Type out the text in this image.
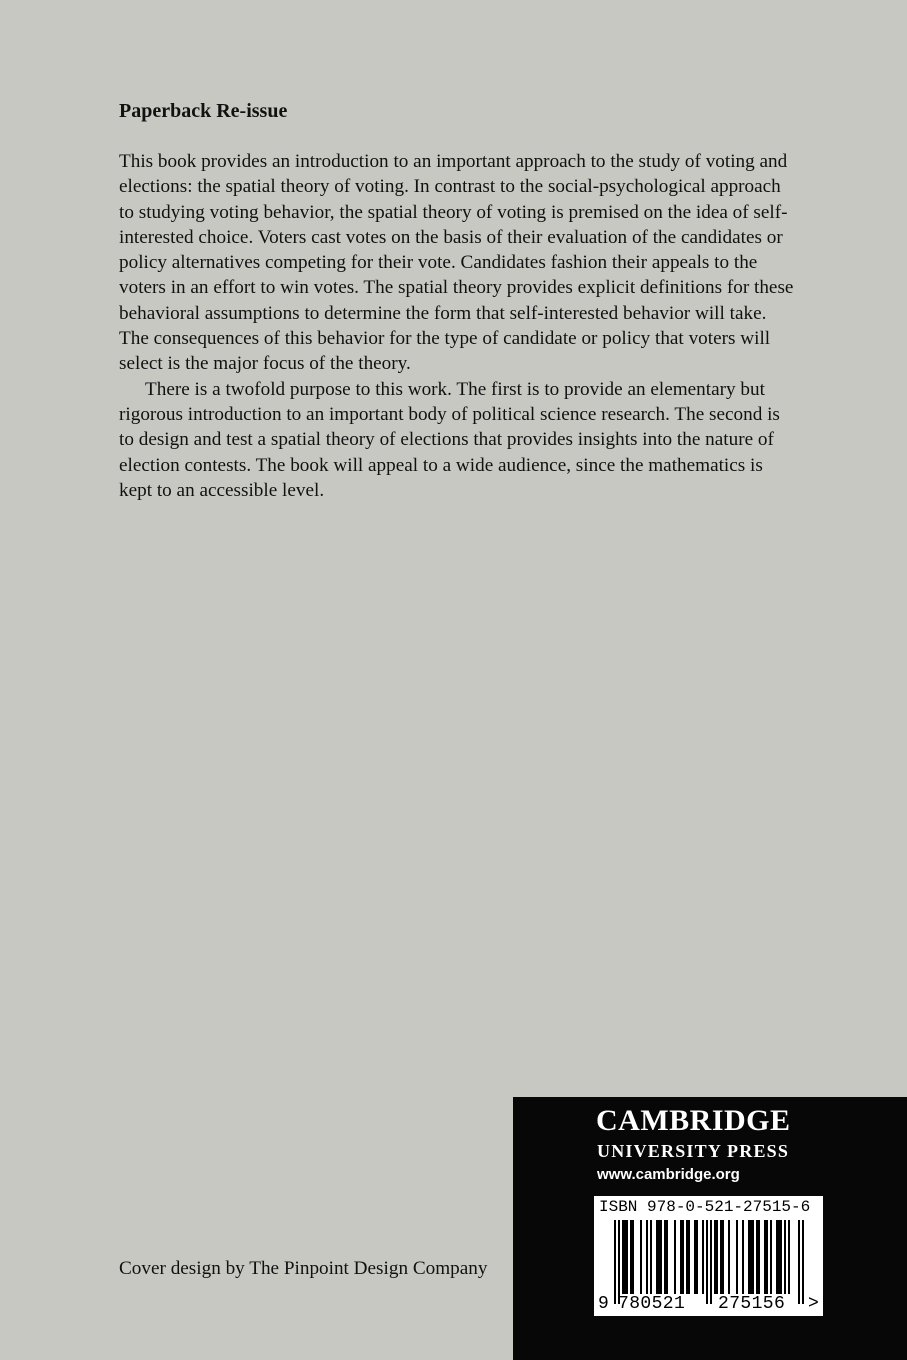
Paperback Re-issue

This book provides an introduction to an important approach to the study of voting and elections: the spatial theory of voting. In contrast to the social-psychological approach to studying voting behavior, the spatial theory of voting is premised on the idea of self-interested choice. Voters cast votes on the basis of their evaluation of the candidates or policy alternatives competing for their vote. Candidates fashion their appeals to the voters in an effort to win votes. The spatial theory provides explicit definitions for these behavioral assumptions to determine the form that self-interested behavior will take. The consequences of this behavior for the type of candidate or policy that voters will select is the major focus of the theory.

There is a twofold purpose to this work. The first is to provide an elementary but rigorous introduction to an important body of political science research. The second is to design and test a spatial theory of elections that provides insights into the nature of election contests. The book will appeal to a wide audience, since the mathematics is kept to an accessible level.

Cover design by The Pinpoint Design Company
CAMBRIDGE
UNIVERSITY PRESS
www.cambridge.org
ISBN 978-0-521-27515-6
9 780521 275156 >
